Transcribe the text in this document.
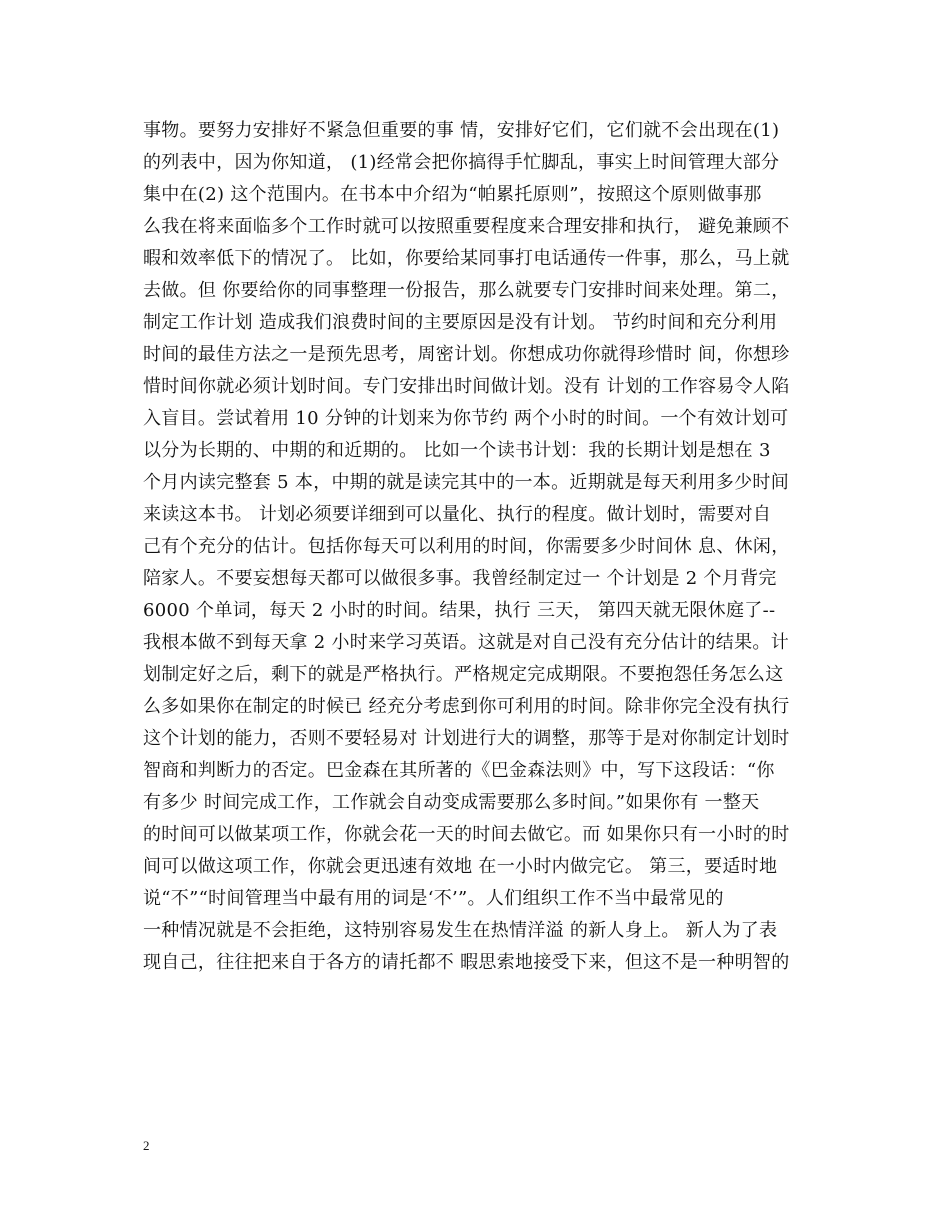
事物。要努力安排好不紧急但重要的事 情，安排好它们，它们就不会出现在(1)
的列表中，因为你知道， (1)经常会把你搞得手忙脚乱，事实上时间管理大部分
集中在(2) 这个范围内。在书本中介绍为“帕累托原则”，按照这个原则做事那
么我在将来面临多个工作时就可以按照重要程度来合理安排和执行， 避免兼顾不
暇和效率低下的情况了。 比如，你要给某同事打电话通传一件事，那么，马上就
去做。但 你要给你的同事整理一份报告，那么就要专门安排时间来处理。第二，
制定工作计划 造成我们浪费时间的主要原因是没有计划。 节约时间和充分利用
时间的最佳方法之一是预先思考，周密计划。你想成功你就得珍惜时 间，你想珍
惜时间你就必须计划时间。专门安排出时间做计划。没有 计划的工作容易令人陷
入盲目。尝试着用 10 分钟的计划来为你节约 两个小时的时间。一个有效计划可
以分为长期的、中期的和近期的。 比如一个读书计划：我的长期计划是想在 3
个月内读完整套 5 本，中期的就是读完其中的一本。近期就是每天利用多少时间
来读这本书。 计划必须要详细到可以量化、执行的程度。做计划时，需要对自
己有个充分的估计。包括你每天可以利用的时间，你需要多少时间休 息、休闲，
陪家人。不要妄想每天都可以做很多事。我曾经制定过一 个计划是 2 个月背完
6000 个单词，每天 2 小时的时间。结果，执行 三天， 第四天就无限休庭了--
我根本做不到每天拿 2 小时来学习英语。这就是对自己没有充分估计的结果。计
划制定好之后，剩下的就是严格执行。严格规定完成期限。不要抱怨任务怎么这
么多如果你在制定的时候已 经充分考虑到你可利用的时间。除非你完全没有执行
这个计划的能力，否则不要轻易对 计划进行大的调整，那等于是对你制定计划时
智商和判断力的否定。巴金森在其所著的《巴金森法则》中，写下这段话：“你
有多少 时间完成工作，工作就会自动变成需要那么多时间。”如果你有 一整天
的时间可以做某项工作，你就会花一天的时间去做它。而 如果你只有一小时的时
间可以做这项工作，你就会更迅速有效地 在一小时内做完它。 第三，要适时地
说“不”“时间管理当中最有用的词是‘不’”。人们组织工作不当中最常见的
一种情况就是不会拒绝，这特别容易发生在热情洋溢 的新人身上。 新人为了表
现自己，往往把来自于各方的请托都不 暇思索地接受下来，但这不是一种明智的
2
